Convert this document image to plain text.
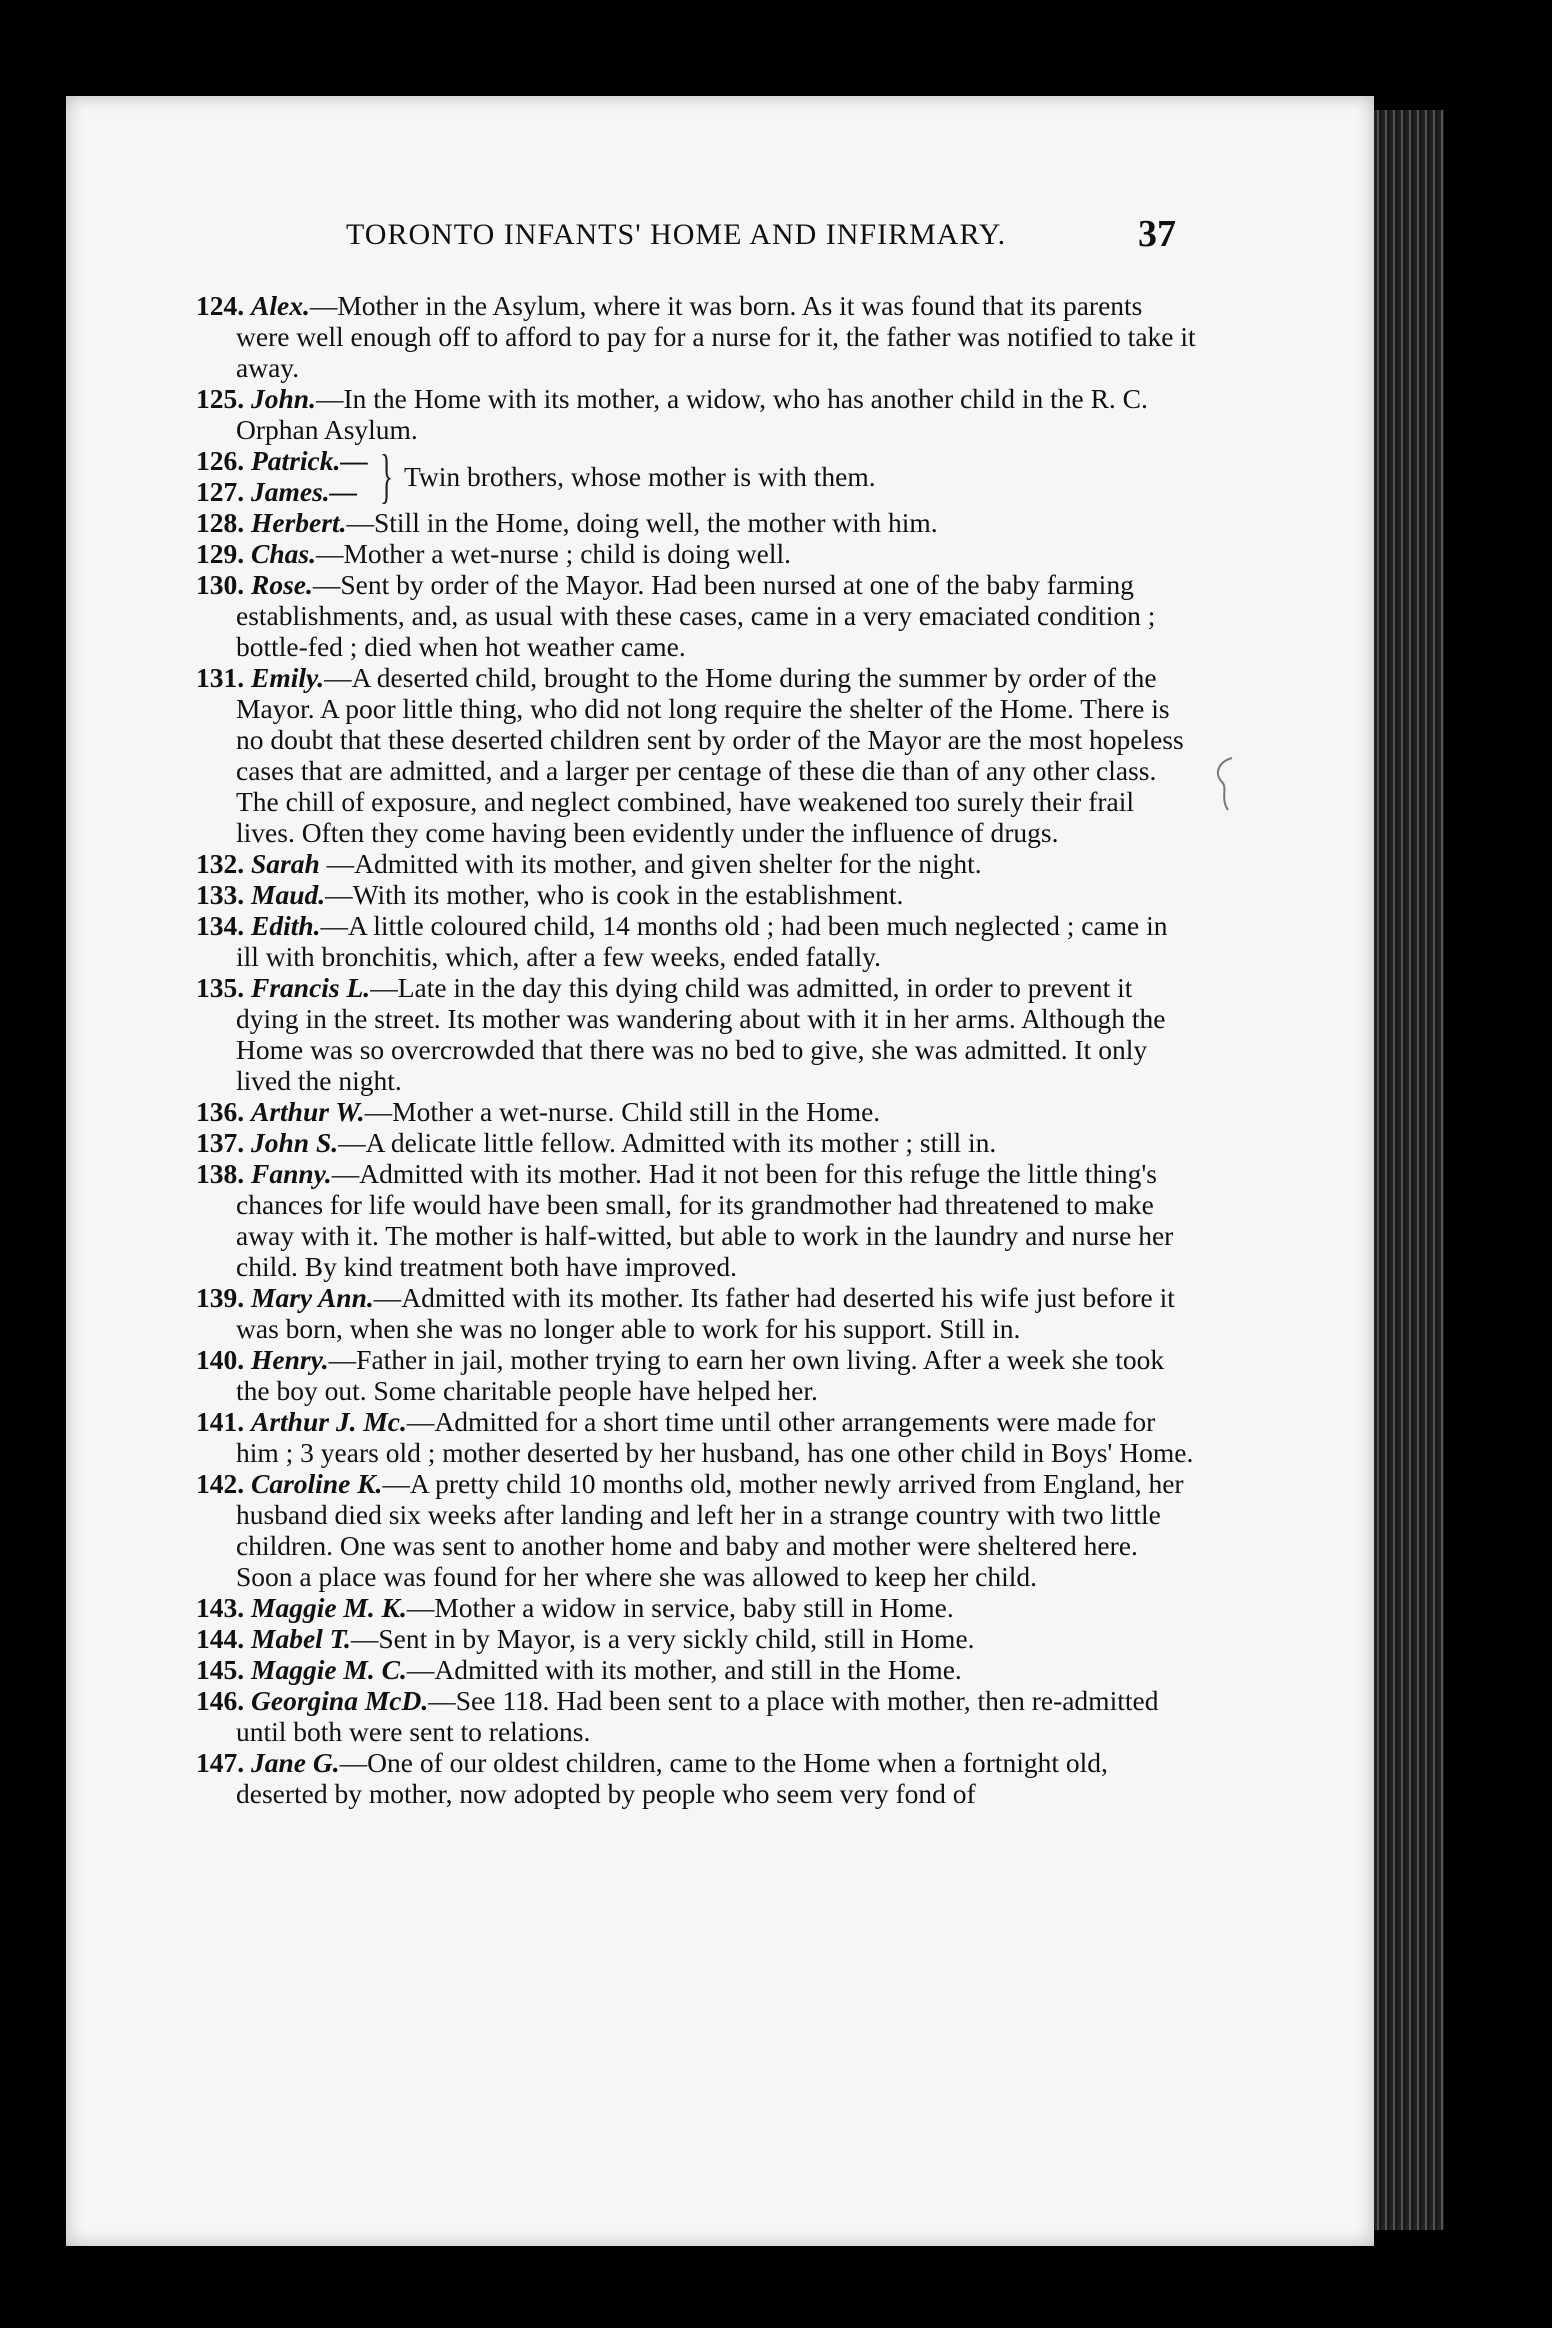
TORONTO INFANTS' HOME AND INFIRMARY.	37

124. Alex.—Mother in the Asylum, where it was born. As it was found that its parents were well enough off to afford to pay for a nurse for it, the father was notified to take it away.

125. John.—In the Home with its mother, a widow, who has another child in the R. C. Orphan Asylum.

126. Patrick.—
127. James.— } Twin brothers, whose mother is with them.

128. Herbert.—Still in the Home, doing well, the mother with him.

129. Chas.—Mother a wet-nurse ; child is doing well.

130. Rose.—Sent by order of the Mayor. Had been nursed at one of the baby farming establishments, and, as usual with these cases, came in a very emaciated condition ; bottle-fed ; died when hot weather came.

131. Emily.—A deserted child, brought to the Home during the summer by order of the Mayor. A poor little thing, who did not long require the shelter of the Home. There is no doubt that these deserted children sent by order of the Mayor are the most hopeless cases that are admitted, and a larger per centage of these die than of any other class. The chill of exposure, and neglect combined, have weakened too surely their frail lives. Often they come having been evidently under the influence of drugs.

132. Sarah —Admitted with its mother, and given shelter for the night.

133. Maud.—With its mother, who is cook in the establishment.

134. Edith.—A little coloured child, 14 months old ; had been much neglected ; came in ill with bronchitis, which, after a few weeks, ended fatally.

135. Francis L.—Late in the day this dying child was admitted, in order to prevent it dying in the street. Its mother was wandering about with it in her arms. Although the Home was so overcrowded that there was no bed to give, she was admitted. It only lived the night.

136. Arthur W.—Mother a wet-nurse. Child still in the Home.

137. John S.—A delicate little fellow. Admitted with its mother ; still in.

138. Fanny.—Admitted with its mother. Had it not been for this refuge the little thing's chances for life would have been small, for its grandmother had threatened to make away with it. The mother is half-witted, but able to work in the laundry and nurse her child. By kind treatment both have improved.

139. Mary Ann.—Admitted with its mother. Its father had deserted his wife just before it was born, when she was no longer able to work for his support. Still in.

140. Henry.—Father in jail, mother trying to earn her own living. After a week she took the boy out. Some charitable people have helped her.

141. Arthur J. Mc.—Admitted for a short time until other arrangements were made for him ; 3 years old ; mother deserted by her husband, has one other child in Boys' Home.

142. Caroline K.—A pretty child 10 months old, mother newly arrived from England, her husband died six weeks after landing and left her in a strange country with two little children. One was sent to another home and baby and mother were sheltered here. Soon a place was found for her where she was allowed to keep her child.

143. Maggie M. K.—Mother a widow in service, baby still in Home.

144. Mabel T.—Sent in by Mayor, is a very sickly child, still in Home.

145. Maggie M. C.—Admitted with its mother, and still in the Home.

146. Georgina McD.—See 118. Had been sent to a place with mother, then re-admitted until both were sent to relations.

147. Jane G.—One of our oldest children, came to the Home when a fortnight old, deserted by mother, now adopted by people who seem very fond of
